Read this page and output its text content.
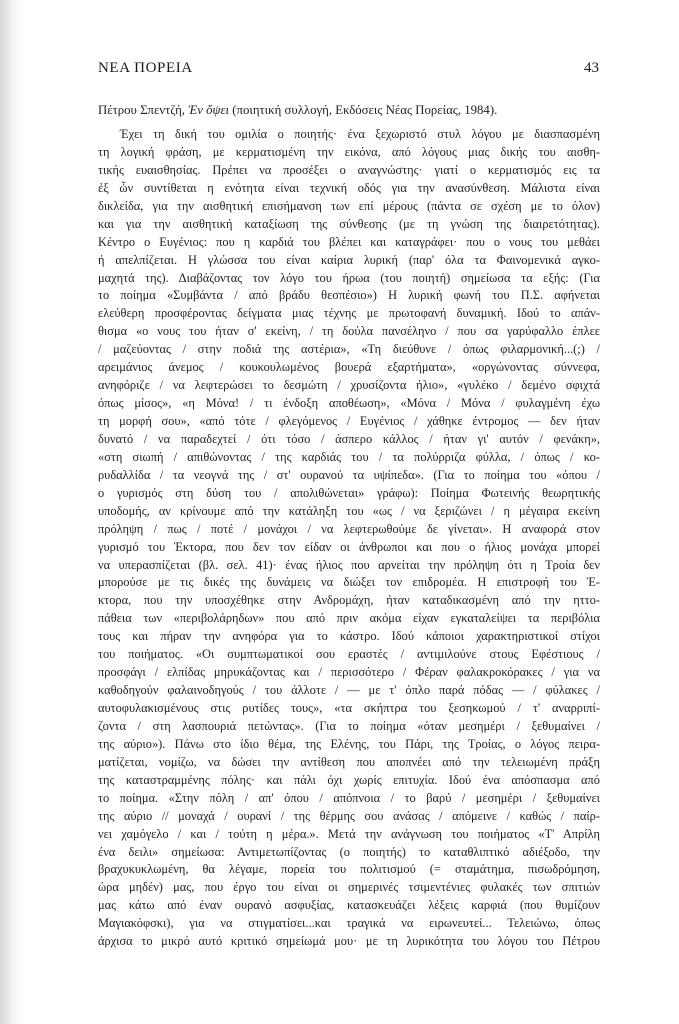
ΝΕΑ ΠΟΡΕΙΑ	43
Πέτρου Σπεντζή, Ἐν ὄψει (ποιητική συλλογή, Εκδόσεις Νέας Πορείας, 1984).
Έχει τη δική του ομιλία ο ποιητής· ένα ξεχωριστό στυλ λόγου με διασπασμένη
τη λογική φράση, με κερματισμένη την εικόνα, από λόγους μιας δικής του αισθη-
τικής ευαισθησίας. Πρέπει να προσέξει ο αναγνώστης· γιατί ο κερματισμός εις τα
ἐξ ὧν συντίθεται η ενότητα είναι τεχνική οδός για την ανασύνθεση. Μάλιστα είναι
δικλείδα, για την αισθητική επισήμανση των επί μέρους (πάντα σε σχέση με το όλον)
και για την αισθητική καταξίωση της σύνθεσης (με τη γνώση της διαιρετότητας).
Κέντρο ο Ευγένιος: που η καρδιά του βλέπει και καταγράφει· που ο νους του μεθάει
ή απελπίζεται. Η γλώσσα του είναι καίρια λυρική (παρ' όλα τα Φαινομενικά αγκο-
μαχητά της). Διαβάζοντας τον λόγο του ήρωα (του ποιητή) σημείωσα τα εξής: (Για
το ποίημα «Συμβάντα / από βράδυ θεσπέσιο») Η λυρική φωνή του Π.Σ. αφήνεται
ελεύθερη προσφέροντας δείγματα μιας τέχνης με πρωτοφανή δυναμική. Ιδού το απάν-
θισμα «ο νους του ήταν σ' εκείνη, / τη δούλα πανσέληνο / που σα γαρύφαλλο έπλεε
/ μαζεύοντας / στην ποδιά της αστέρια», «Τη διεύθυνε / όπως φιλαρμονική...(;) /
αρειμάνιος άνεμος / κουκουλωμένος βουερά εξαρτήματα», «οργώνοντας σύννεφα,
ανηφόριζε / να λεφτερώσει το δεσμώτη / χρυσίζοντα ήλιο», «γυλέκο / δεμένο σφιχτά
όπως μίσος», «η Μόνα! / τι ένδοξη αποθέωση», «Μόνα / Μόνα / φυλαγμένη έχω
τη μορφή σου», «από τότε / φλεγόμενος / Ευγένιος / χάθηκε έντρομος — δεν ήταν
δυνατό / να παραδεχτεί / ότι τόσο / άσπερο κάλλος / ήταν γι' αυτόν / φενάκη»,
«στη σιωπή / απιθώνοντας / της καρδιάς του / τα πολύρριζα φύλλα, / όπως / κο-
ρυδαλλίδα / τα νεογνά της / στ' ουρανού τα υψίπεδα». (Για το ποίημα του «όπου /
ο γυρισμός στη δύση του / απολιθώνεται» γράφω): Ποίημα Φωτεινής θεωρητικής
υποδομής, αν κρίνουμε από την κατάληξη του «ως / να ξεριζώνει / η μέγαιρα εκείνη
πρόληψη / πως / ποτέ / μονάχοι / να λεφτερωθούμε δε γίνεται». Η αναφορά στον
γυρισμό του Έκτορα, που δεν τον είδαν οι άνθρωποι και που ο ήλιος μονάχα μπορεί
να υπερασπίζεται (βλ. σελ. 41)· ένας ήλιος που αρνείται την πρόληψη ότι η Τροία δεν
μπορούσε με τις δικές της δυνάμεις να διώξει τον επιδρομέα. Η επιστροφή του Έ-
κτορα, που την υποσχέθηκε στην Ανδρομάχη, ήταν καταδικασμένη από την ηττο-
πάθεια των «περιβολάρηδων» που από πριν ακόμα είχαν εγκαταλείψει τα περιβόλια
τους και πήραν την ανηφόρα για το κάστρο. Ιδού κάποιοι χαρακτηριστικοί στίχοι
του ποιήματος. «Οι συμπτωματικοί σου εραστές / αντιμιλούνε στους Εφέστιους /
προσφάγι / ελπίδας μηρυκάζοντας και / περισσότερο / Φέραν φαλακροκόρακες / για να
καθοδηγούν φαλαινοδηγούς / του άλλοτε / — με τ' όπλο παρά πόδας — / φύλακες /
αυτοφυλακισμένους στις ρυτίδες τους», «τα σκήπτρα του ξεσηκωμού / τ' αναρριπί-
ζοντα / στη λασπουριά πετώντας». (Για το ποίημα «όταν μεσημέρι / ξεθυμαίνει /
της αύριο»). Πάνω στο ίδιο θέμα, της Ελένης, του Πάρι, της Τροίας, ο λόγος πειρα-
ματίζεται, νομίζω, να δώσει την αντίθεση που αποπνέει από την τελειωμένη πράξη
της καταστραμμένης πόλης· και πάλι όχι χωρίς επιτυχία. Ιδού ένα απόσπασμα από
το ποίημα. «Στην πόλη / απ' όπου / απόπνοια / το βαρύ / μεσημέρι / ξεθυμαίνει
της αύριο // μοναχά / ουρανί / της θέρμης σου ανάσας / απόμεινε / καθώς / παίρ-
νει χαμόγελο / και / τούτη η μέρα.». Μετά την ανάγνωση του ποιήματος «Τ' Απρίλη
ένα δειλι» σημείωσα: Αντιμετωπίζοντας (ο ποιητής) το καταθλιπτικό αδιέξοδο, την
βραχυκυκλωμένη, θα λέγαμε, πορεία του πολιτισμού (= σταμάτημα, πισωδρόμηση,
ώρα μηδέν) μας, που έργο του είναι οι σημερινές τσιμεντένιες φυλακές των σπιτιών
μας κάτω από έναν ουρανό ασφυξίας, κατασκευάζει λέξεις καρφιά (που θυμίζουν
Μαγιακόφσκι), για να στιγματίσει...και τραγικά να ειρωνευτεί... Τελειώνω, όπως
άρχισα το μικρό αυτό κριτικό σημείωμά μου· με τη λυρικότητα του λόγου του Πέτρου
